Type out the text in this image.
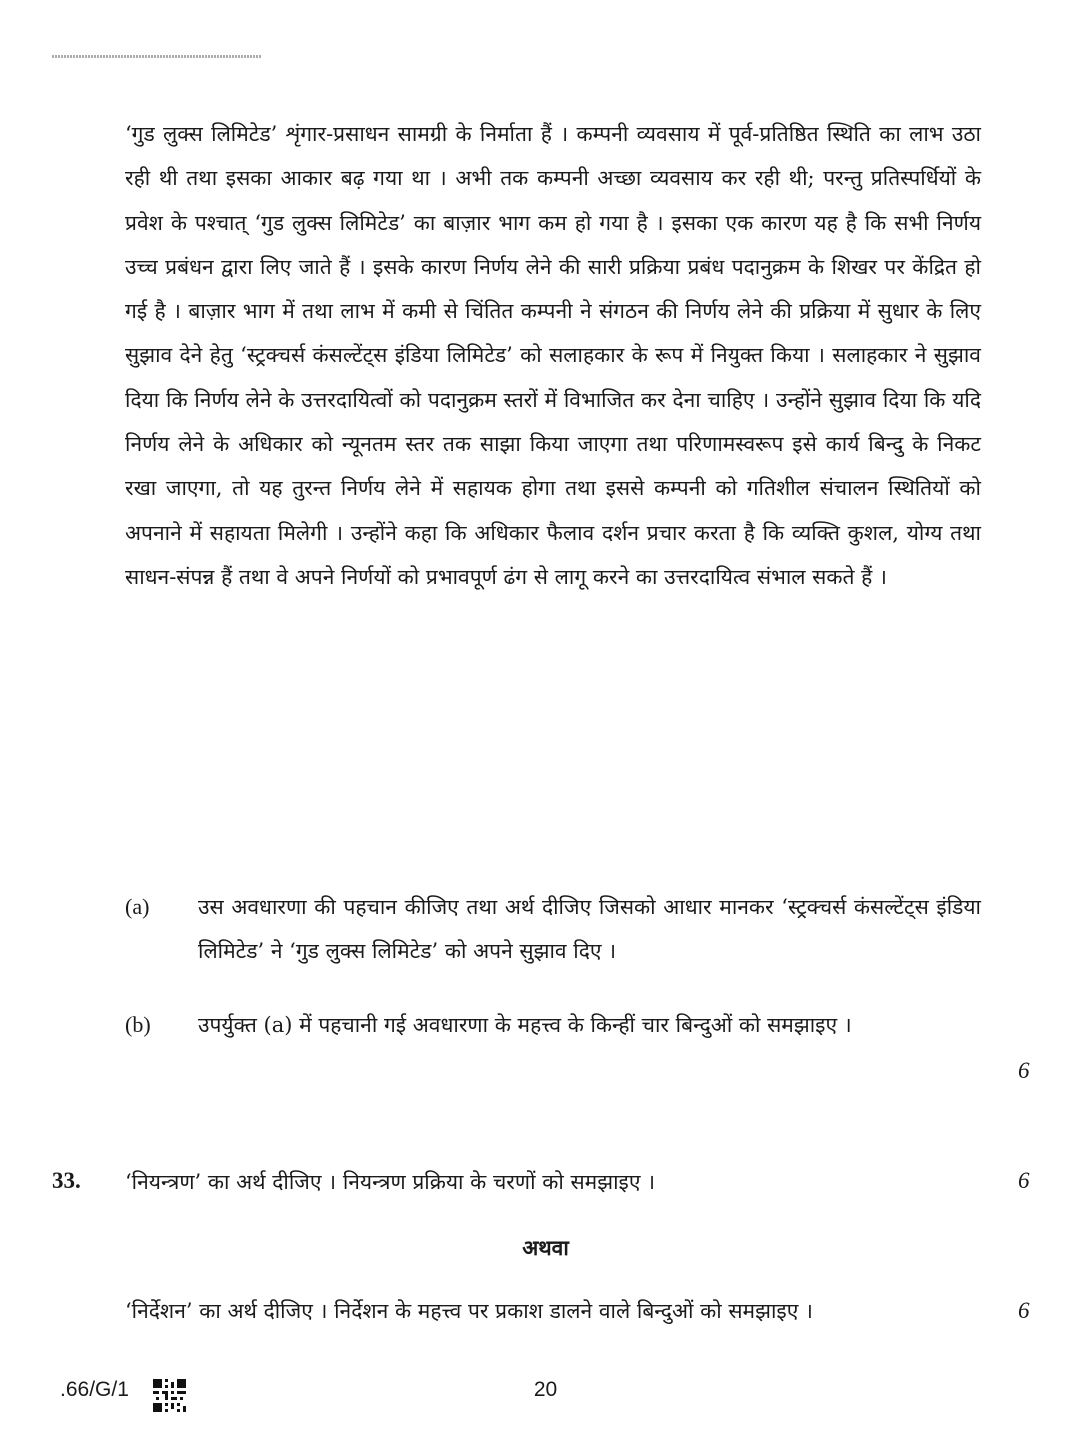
‘गुड लुक्स लिमिटेड’ शृंगार-प्रसाधन सामग्री के निर्माता हैं । कम्पनी व्यवसाय में पूर्व-प्रतिष्ठित स्थिति का लाभ उठा रही थी तथा इसका आकार बढ़ गया था । अभी तक कम्पनी अच्छा व्यवसाय कर रही थी; परन्तु प्रतिस्पर्धियों के प्रवेश के पश्चात् ‘गुड लुक्स लिमिटेड’ का बाज़ार भाग कम हो गया है । इसका एक कारण यह है कि सभी निर्णय उच्च प्रबंधन द्वारा लिए जाते हैं । इसके कारण निर्णय लेने की सारी प्रक्रिया प्रबंध पदानुक्रम के शिखर पर केंद्रित हो गई है । बाज़ार भाग में तथा लाभ में कमी से चिंतित कम्पनी ने संगठन की निर्णय लेने की प्रक्रिया में सुधार के लिए सुझाव देने हेतु ‘स्ट्रक्चर्स कंसल्टेंट्स इंडिया लिमिटेड’ को सलाहकार के रूप में नियुक्त किया । सलाहकार ने सुझाव दिया कि निर्णय लेने के उत्तरदायित्वों को पदानुक्रम स्तरों में विभाजित कर देना चाहिए । उन्होंने सुझाव दिया कि यदि निर्णय लेने के अधिकार को न्यूनतम स्तर तक साझा किया जाएगा तथा परिणामस्वरूप इसे कार्य बिन्दु के निकट रखा जाएगा, तो यह तुरन्त निर्णय लेने में सहायक होगा तथा इससे कम्पनी को गतिशील संचालन स्थितियों को अपनाने में सहायता मिलेगी । उन्होंने कहा कि अधिकार फैलाव दर्शन प्रचार करता है कि व्यक्ति कुशल, योग्य तथा साधन-संपन्न हैं तथा वे अपने निर्णयों को प्रभावपूर्ण ढंग से लागू करने का उत्तरदायित्व संभाल सकते हैं ।

(a) उस अवधारणा की पहचान कीजिए तथा अर्थ दीजिए जिसको आधार मानकर ‘स्ट्रक्चर्स कंसल्टेंट्स इंडिया लिमिटेड’ ने ‘गुड लुक्स लिमिटेड’ को अपने सुझाव दिए ।
(b) उपर्युक्त (a) में पहचानी गई अवधारणा के महत्त्व के किन्हीं चार बिन्दुओं को समझाइए ।
6
33. ‘नियन्त्रण’ का अर्थ दीजिए । नियन्त्रण प्रक्रिया के चरणों को समझाइए ।	6
अथवा
‘निर्देशन’ का अर्थ दीजिए । निर्देशन के महत्त्व पर प्रकाश डालने वाले बिन्दुओं को समझाइए ।	6
.66/G/1	20
